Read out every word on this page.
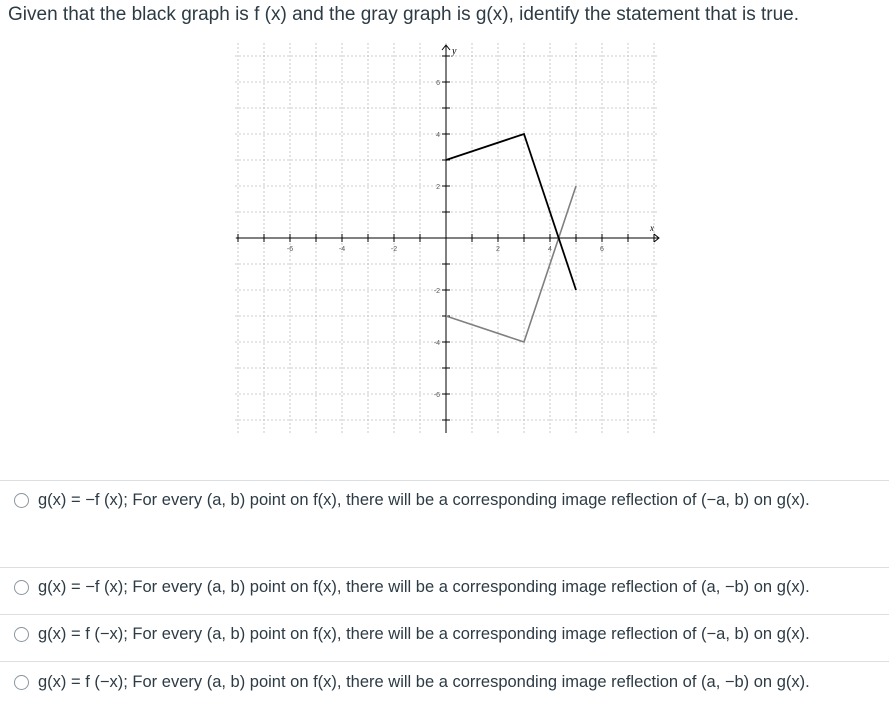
Given that the black graph is f (x) and the gray graph is g(x), identify the statement that is true.
x
y
-6	-4	-2	2	4	6
6
4
2
-2
-4
-6
g(x) = −f (x); For every (a, b) point on f(x), there will be a corresponding image reflection of (−a, b) on g(x).
g(x) = −f (x); For every (a, b) point on f(x), there will be a corresponding image reflection of (a, −b) on g(x).
g(x) = f (−x); For every (a, b) point on f(x), there will be a corresponding image reflection of (−a, b) on g(x).
g(x) = f (−x); For every (a, b) point on f(x), there will be a corresponding image reflection of (a, −b) on g(x).
